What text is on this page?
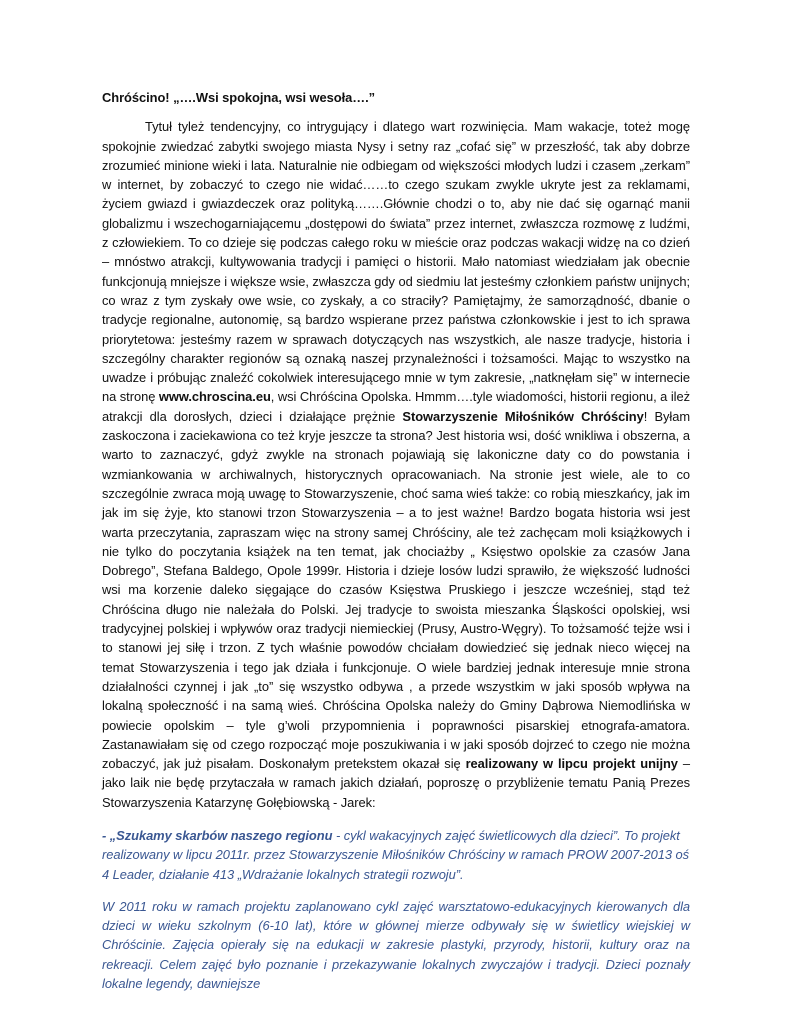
Chróścino! „….Wsi spokojna, wsi wesoła….”

Tytuł tyleż tendencyjny, co intrygujący i dlatego wart rozwinięcia. Mam wakacje, toteż mogę spokojnie zwiedzać zabytki swojego miasta Nysy i setny raz „cofać się” w przeszłość, tak aby dobrze zrozumieć minione wieki i lata. Naturalnie nie odbiegam od większości młodych ludzi i czasem „zerkam” w internet, by zobaczyć to czego nie widać……to czego szukam zwykle ukryte jest za reklamami, życiem gwiazd i gwiazdeczek oraz polityką…….Głównie chodzi o to, aby nie dać się ogarnąć manii globalizmu i wszechogarniającemu „dostępowi do świata” przez internet, zwłaszcza rozmowę z ludźmi, z człowiekiem. To co dzieje się podczas całego roku w mieście oraz podczas wakacji widzę na co dzień – mnóstwo atrakcji, kultywowania tradycji i pamięci o historii. Mało natomiast wiedziałam jak obecnie funkcjonują mniejsze i większe wsie, zwłaszcza gdy od siedmiu lat jesteśmy członkiem państw unijnych; co wraz z tym zyskały owe wsie, co zyskały, a co straciły? Pamiętajmy, że samorządność, dbanie o tradycje regionalne, autonomię, są bardzo wspierane przez państwa członkowskie i jest to ich sprawa priorytetowa: jesteśmy razem w sprawach dotyczących nas wszystkich, ale nasze tradycje, historia i szczególny charakter regionów są oznaką naszej przynależności i tożsamości. Mając to wszystko na uwadze i próbując znaleźć cokolwiek interesującego mnie w tym zakresie, „natknęłam się” w internecie na stronę www.chroscina.eu, wsi Chróścina Opolska. Hmmm….tyle wiadomości, historii regionu, a ileż atrakcji dla dorosłych, dzieci i działające prężnie Stowarzyszenie Miłośników Chróściny! Byłam zaskoczona i zaciekawiona co też kryje jeszcze ta strona? Jest historia wsi, dość wnikliwa i obszerna, a warto to zaznaczyć, gdyż zwykle na stronach pojawiają się lakoniczne daty co do powstania i wzmiankowania w archiwalnych, historycznych opracowaniach. Na stronie jest wiele, ale to co szczególnie zwraca moją uwagę to Stowarzyszenie, choć sama wieś także: co robią mieszkańcy, jak im jak im się żyje, kto stanowi trzon Stowarzyszenia – a to jest ważne! Bardzo bogata historia wsi jest warta przeczytania, zapraszam więc na strony samej Chróściny, ale też zachęcam moli książkowych i nie tylko do poczytania książek na ten temat, jak chociażby „ Księstwo opolskie za czasów Jana Dobrego”, Stefana Baldego, Opole 1999r. Historia i dzieje losów ludzi sprawiło, że większość ludności wsi ma korzenie daleko sięgające do czasów Księstwa Pruskiego i jeszcze wcześniej, stąd też Chróścina długo nie należała do Polski. Jej tradycje to swoista mieszanka Śląskości opolskiej, wsi tradycyjnej polskiej i wpływów oraz tradycji niemieckiej (Prusy, Austro-Węgry). To tożsamość tejże wsi i to stanowi jej siłę i trzon. Z tych właśnie powodów chciałam dowiedzieć się jednak nieco więcej na temat Stowarzyszenia i tego jak działa i funkcjonuje. O wiele bardziej jednak interesuje mnie strona działalności czynnej i jak „to” się wszystko odbywa , a przede wszystkim w jaki sposób wpływa na lokalną społeczność i na samą wieś. Chróścina Opolska należy do Gminy Dąbrowa Niemodlińska w powiecie opolskim – tyle g’woli przypomnienia i poprawności pisarskiej etnografa-amatora. Zastanawiałam się od czego rozpocząć moje poszukiwania i w jaki sposób dojrzeć to czego nie można zobaczyć, jak już pisałam. Doskonałym pretekstem okazał się realizowany w lipcu projekt unijny – jako laik nie będę przytaczała w ramach jakich działań, poproszę o przybliżenie tematu Panią Prezes Stowarzyszenia Katarzynę Gołębiowską - Jarek:

- „Szukamy skarbów naszego regionu - cykl wakacyjnych zajęć świetlicowych dla dzieci”. To projekt realizowany w lipcu 2011r. przez Stowarzyszenie Miłośników Chróściny w ramach PROW 2007-2013 oś 4 Leader, działanie 413 „Wdrażanie lokalnych strategii rozwoju”.

W 2011 roku w ramach projektu zaplanowano cykl zajęć warsztatowo-edukacyjnych kierowanych dla dzieci w wieku szkolnym (6-10 lat), które w głównej mierze odbywały się w świetlicy wiejskiej w Chróścinie. Zajęcia opierały się na edukacji w zakresie plastyki, przyrody, historii, kultury oraz na rekreacji. Celem zajęć było poznanie i przekazywanie lokalnych zwyczajów i tradycji. Dzieci poznały lokalne legendy, dawniejsze
